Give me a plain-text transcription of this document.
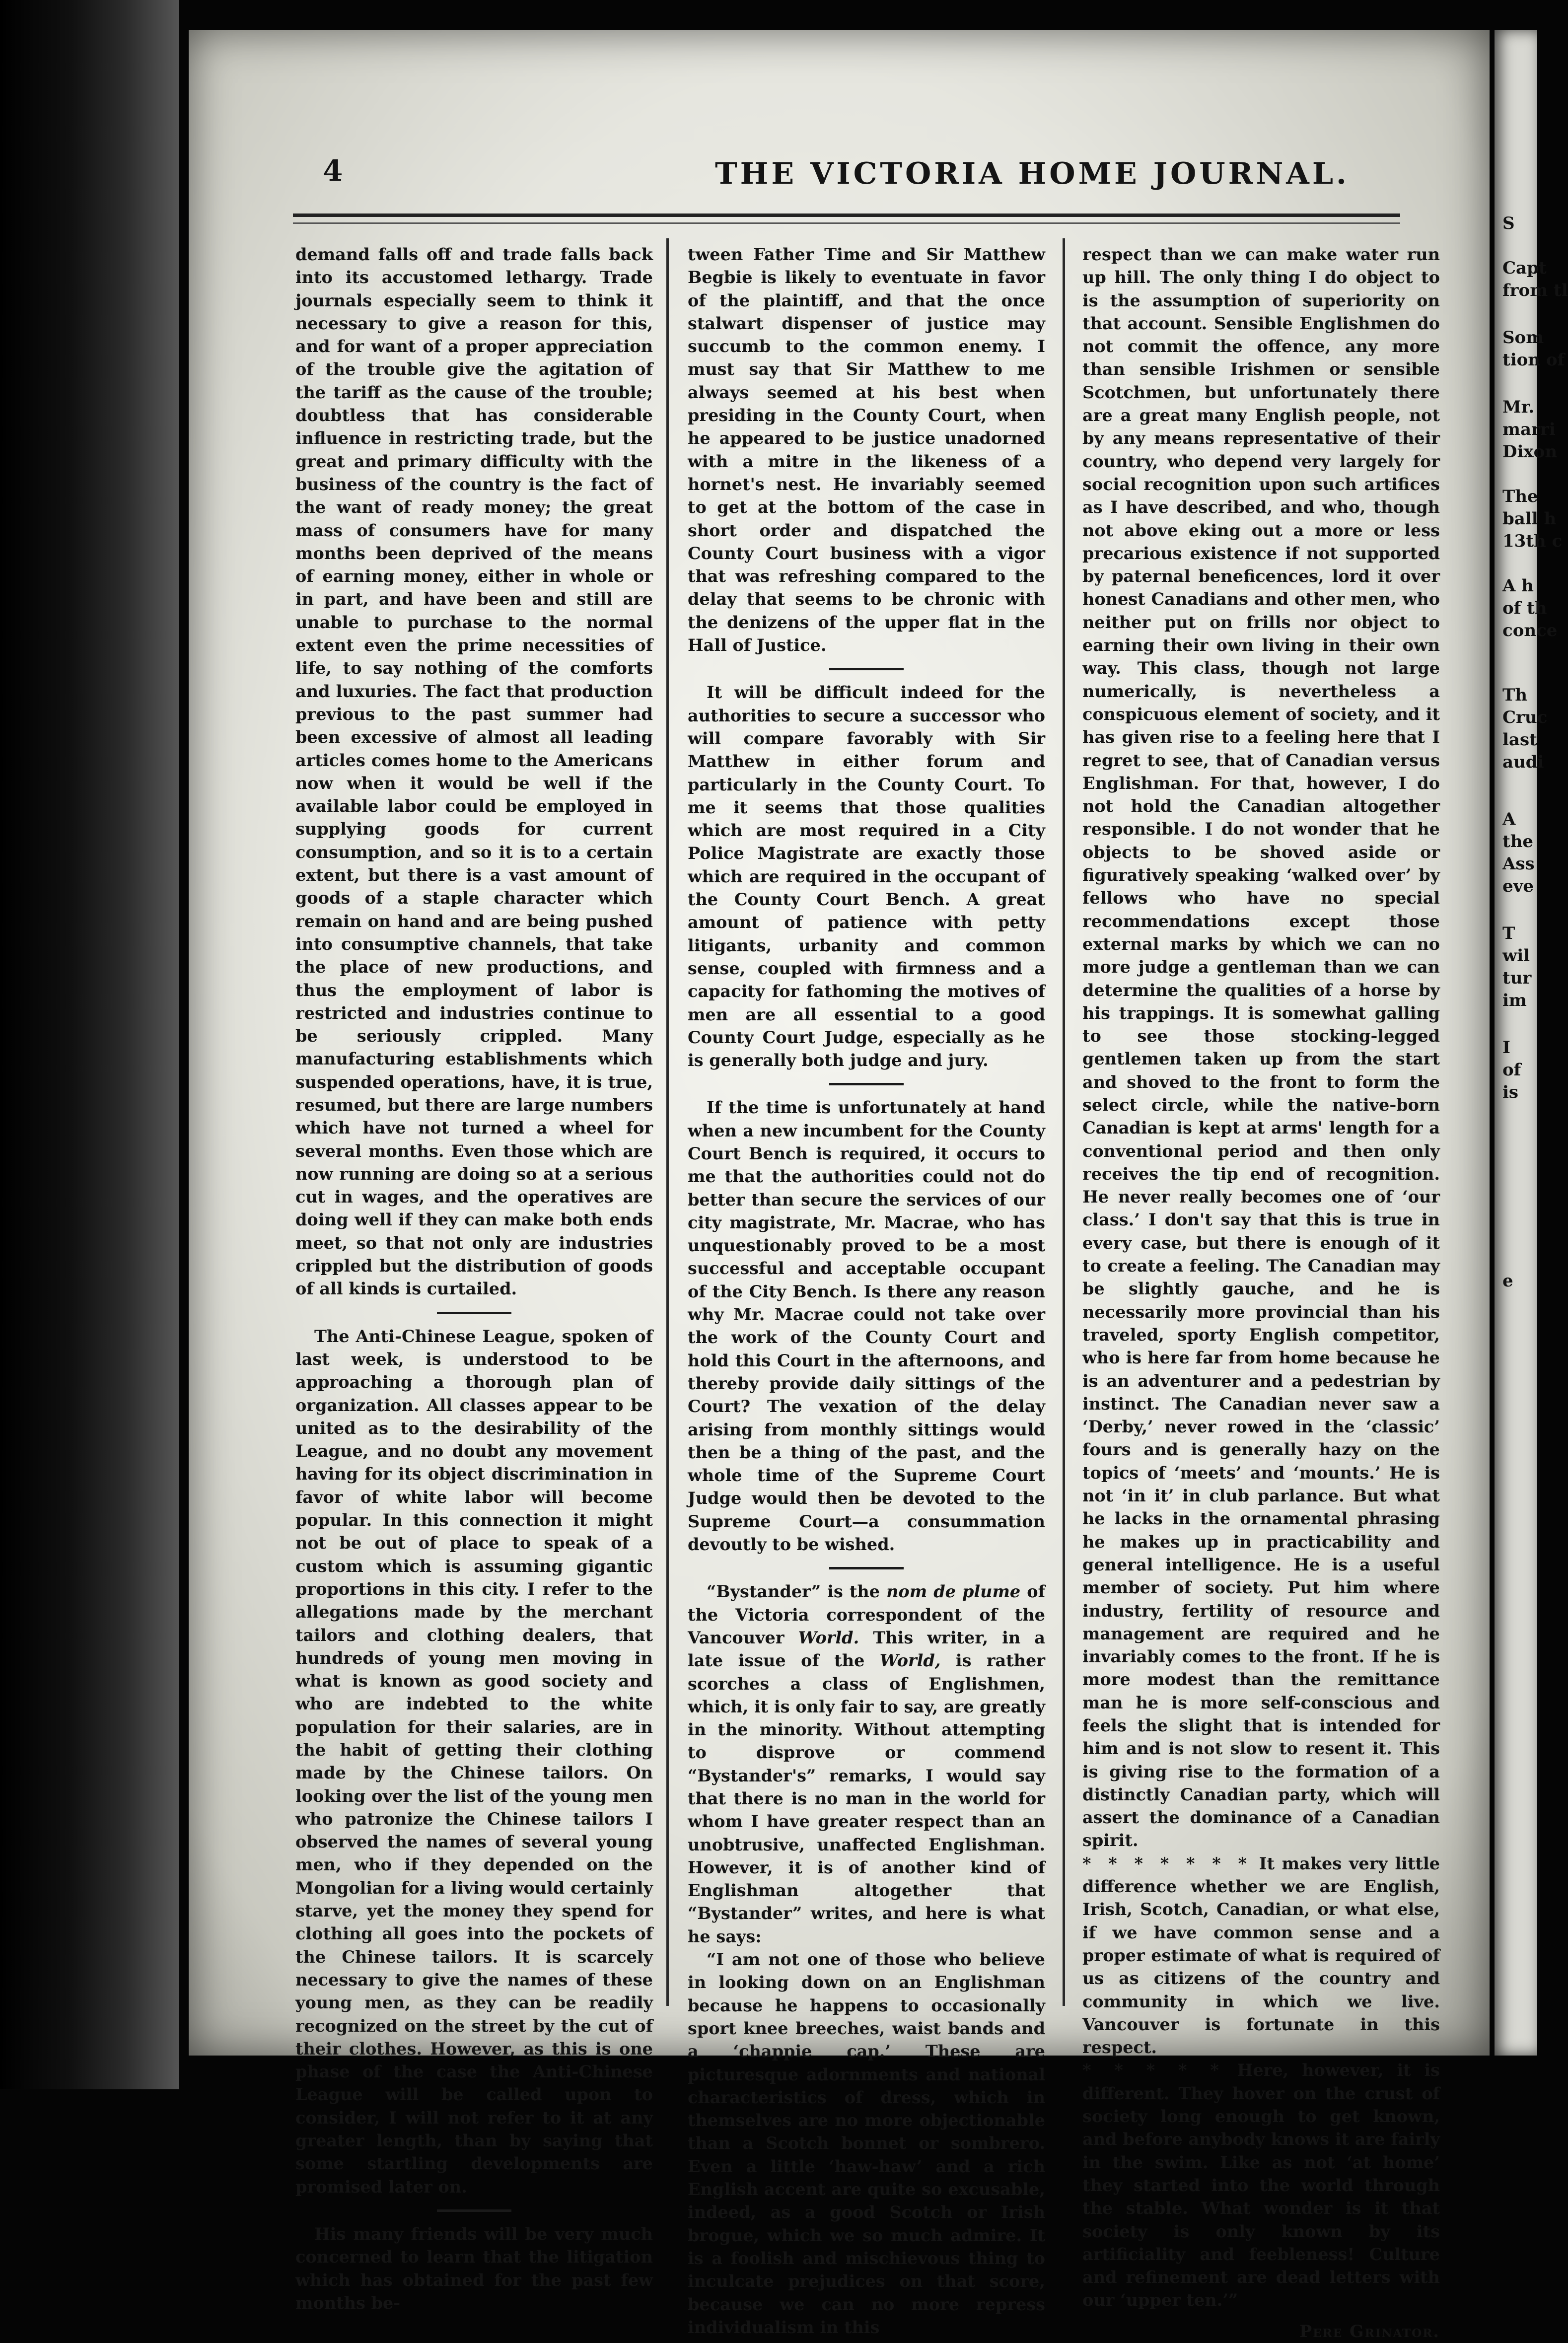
4	THE VICTORIA HOME JOURNAL.

demand falls off and trade falls back into its accustomed lethargy. Trade journals especially seem to think it necessary to give a reason for this, and for want of a proper appreciation of the trouble give the agitation of the tariff as the cause of the trouble; doubtless that has considerable influence in restricting trade, but the great and primary difficulty with the business of the country is the fact of the want of ready money; the great mass of consumers have for many months been deprived of the means of earning money, either in whole or in part, and have been and still are unable to purchase to the normal extent even the prime necessities of life, to say nothing of the comforts and luxuries. The fact that production previous to the past summer had been excessive of almost all leading articles comes home to the Americans now when it would be well if the available labor could be employed in supplying goods for current consumption, and so it is to a certain extent, but there is a vast amount of goods of a staple character which remain on hand and are being pushed into consumptive channels, that take the place of new productions, and thus the employment of labor is restricted and industries continue to be seriously crippled. Many manufacturing establishments which suspended operations, have, it is true, resumed, but there are large numbers which have not turned a wheel for several months. Even those which are now running are doing so at a serious cut in wages, and the operatives are doing well if they can make both ends meet, so that not only are industries crippled but the distribution of goods of all kinds is curtailed.

The Anti-Chinese League, spoken of last week, is understood to be approaching a thorough plan of organization. All classes appear to be united as to the desirability of the League, and no doubt any movement having for its object discrimination in favor of white labor will become popular. In this connection it might not be out of place to speak of a custom which is assuming gigantic proportions in this city. I refer to the allegations made by the merchant tailors and clothing dealers, that hundreds of young men moving in what is known as good society and who are indebted to the white population for their salaries, are in the habit of getting their clothing made by the Chinese tailors. On looking over the list of the young men who patronize the Chinese tailors I observed the names of several young men, who if they depended on the Mongolian for a living would certainly starve, yet the money they spend for clothing all goes into the pockets of the Chinese tailors. It is scarcely necessary to give the names of these young men, as they can be readily recognized on the street by the cut of their clothes. However, as this is one phase of the case the Anti-Chinese League will be called upon to consider, I will not refer to it at any greater length, than by saying that some startling developments are promised later on.

His many friends will be very much concerned to learn that the litigation which has obtained for the past few months be-

tween Father Time and Sir Matthew Begbie is likely to eventuate in favor of the plaintiff, and that the once stalwart dispenser of justice may succumb to the common enemy. I must say that Sir Matthew to me always seemed at his best when presiding in the County Court, when he appeared to be justice unadorned with a mitre in the likeness of a hornet's nest. He invariably seemed to get at the bottom of the case in short order and dispatched the County Court business with a vigor that was refreshing compared to the delay that seems to be chronic with the denizens of the upper flat in the Hall of Justice.

It will be difficult indeed for the authorities to secure a successor who will compare favorably with Sir Matthew in either forum and particularly in the County Court. To me it seems that those qualities which are most required in a City Police Magistrate are exactly those which are required in the occupant of the County Court Bench. A great amount of patience with petty litigants, urbanity and common sense, coupled with firmness and a capacity for fathoming the motives of men are all essential to a good County Court Judge, especially as he is generally both judge and jury.

If the time is unfortunately at hand when a new incumbent for the County Court Bench is required, it occurs to me that the authorities could not do better than secure the services of our city magistrate, Mr. Macrae, who has unquestionably proved to be a most successful and acceptable occupant of the City Bench. Is there any reason why Mr. Macrae could not take over the work of the County Court and hold this Court in the afternoons, and thereby provide daily sittings of the Court? The vexation of the delay arising from monthly sittings would then be a thing of the past, and the whole time of the Supreme Court Judge would then be devoted to the Supreme Court—a consummation devoutly to be wished.

“Bystander” is the nom de plume of the Victoria correspondent of the Vancouver World. This writer, in a late issue of the World, is rather scorches a class of Englishmen, which, it is only fair to say, are greatly in the minority. Without attempting to disprove or commend “Bystander's” remarks, I would say that there is no man in the world for whom I have greater respect than an unobtrusive, unaffected Englishman. However, it is of another kind of Englishman altogether that “Bystander” writes, and here is what he says:

“I am not one of those who believe in looking down on an Englishman because he happens to occasionally sport knee breeches, waist bands and a ‘chappie cap.’ These are picturesque adornments and national characteristics of dress, which in themselves are no more objectionable than a Scotch bonnet or sombrero. Even a little ‘haw-haw’ and a rich English accent are quite so excusable, indeed, as a good Scotch or Irish brogue, which we so much admire. It is a foolish and mischievous thing to inculcate prejudices on that score, because we can no more repress individualism in this

respect than we can make water run up hill. The only thing I do object to is the assumption of superiority on that account. Sensible Englishmen do not commit the offence, any more than sensible Irishmen or sensible Scotchmen, but unfortunately there are a great many English people, not by any means representative of their country, who depend very largely for social recognition upon such artifices as I have described, and who, though not above eking out a more or less precarious existence if not supported by paternal beneficences, lord it over honest Canadians and other men, who neither put on frills nor object to earning their own living in their own way. This class, though not large numerically, is nevertheless a conspicuous element of society, and it has given rise to a feeling here that I regret to see, that of Canadian versus Englishman. For that, however, I do not hold the Canadian altogether responsible. I do not wonder that he objects to be shoved aside or figuratively speaking ‘walked over’ by fellows who have no special recommendations except those external marks by which we can no more judge a gentleman than we can determine the qualities of a horse by his trappings. It is somewhat galling to see those stocking-legged gentlemen taken up from the start and shoved to the front to form the select circle, while the native-born Canadian is kept at arms' length for a conventional period and then only receives the tip end of recognition. He never really becomes one of ‘our class.’ I don't say that this is true in every case, but there is enough of it to create a feeling. The Canadian may be slightly gauche, and he is necessarily more provincial than his traveled, sporty English competitor, who is here far from home because he is an adventurer and a pedestrian by instinct. The Canadian never saw a ‘Derby,’ never rowed in the ‘classic’ fours and is generally hazy on the topics of ‘meets’ and ‘mounts.’ He is not ‘in it’ in club parlance. But what he lacks in the ornamental phrasing he makes up in practicability and general intelligence. He is a useful member of society. Put him where industry, fertility of resource and management are required and he invariably comes to the front. If he is more modest than the remittance man he is more self-conscious and feels the slight that is intended for him and is not slow to resent it. This is giving rise to the formation of a distinctly Canadian party, which will assert the dominance of a Canadian spirit.

* * * * * * * It makes very little difference whether we are English, Irish, Scotch, Canadian, or what else, if we have common sense and a proper estimate of what is required of us as citizens of the country and community in which we live. Vancouver is fortunate in this respect.

* * * * * Here, however, it is different. They hover on the crust of society long enough to get known, and before anybody knows it are fairly in the swim. Like as not ‘at home’ they started into the world through the stable. What wonder is it that society is only known by its artificiality and feebleness! Culture and refinement are dead letters with our ‘upper ten.’”

Pere Grinator.
S
Capt
from tl
Som
tion of
Mr.
marri
Dixon
The
ball h
13th c
A h
of th
conce
Th
Cruc
last
audi
A
the
Ass
eve
T
wil
tur
im
I
of
is
e
